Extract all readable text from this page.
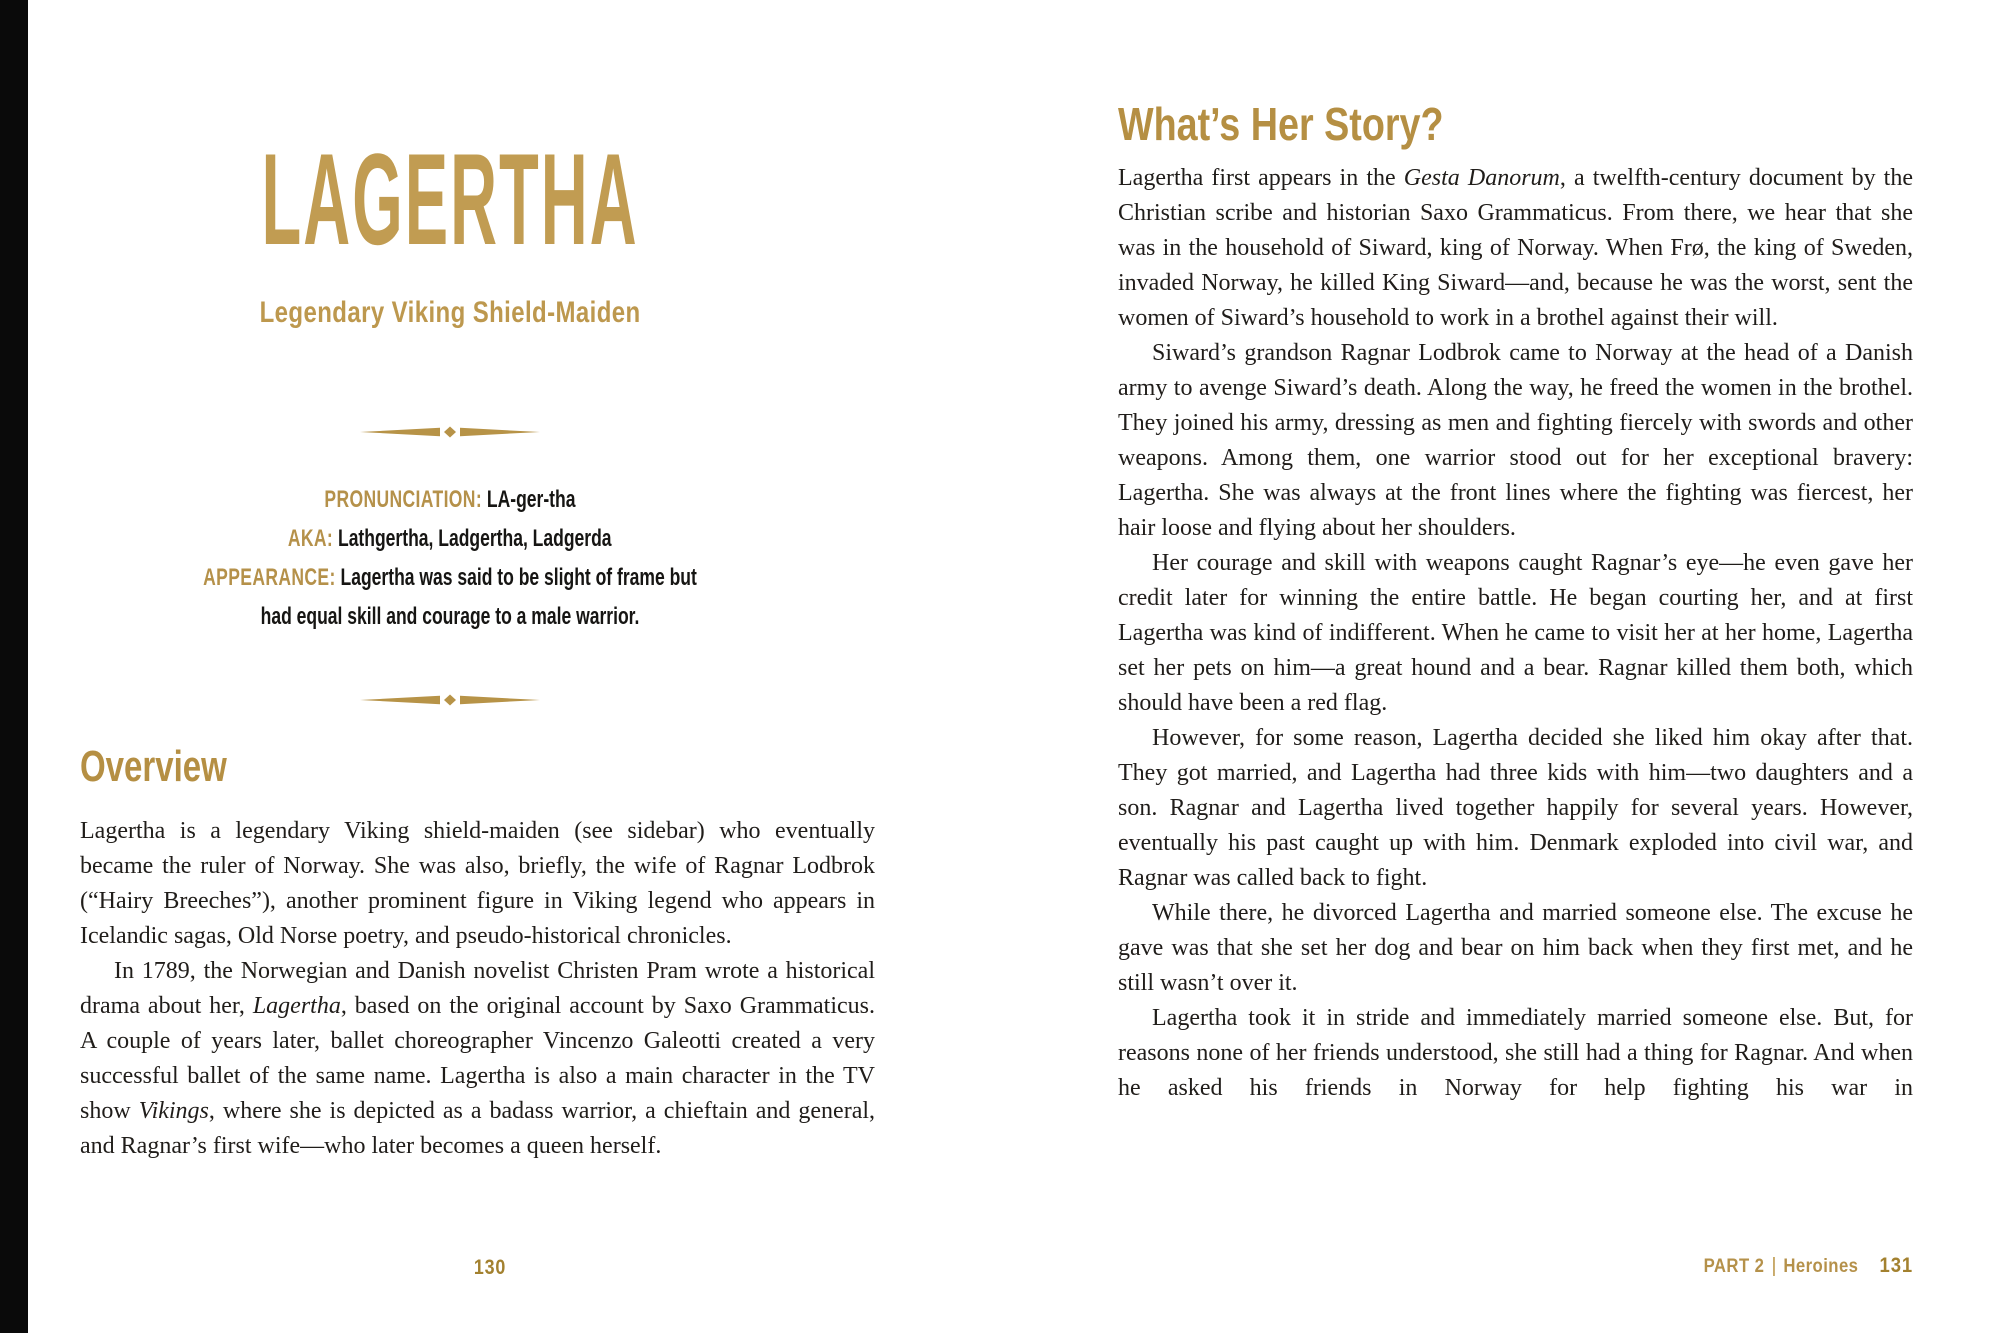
LAGERTHA
Legendary Viking Shield-Maiden
PRONUNCIATION: LA-ger-tha
AKA: Lathgertha, Ladgertha, Ladgerda
APPEARANCE: Lagertha was said to be slight of frame but had equal skill and courage to a male warrior.
Overview

Lagertha is a legendary Viking shield-maiden (see sidebar) who eventually became the ruler of Norway. She was also, briefly, the wife of Ragnar Lodbrok (“Hairy Breeches”), another prominent figure in Viking legend who appears in Icelandic sagas, Old Norse poetry, and pseudo-historical chronicles.

In 1789, the Norwegian and Danish novelist Christen Pram wrote a historical drama about her, Lagertha, based on the original account by Saxo Grammaticus. A couple of years later, ballet choreographer Vincenzo Galeotti created a very successful ballet of the same name. Lagertha is also a main character in the TV show Vikings, where she is depicted as a badass warrior, a chieftain and general, and Ragnar’s first wife—who later becomes a queen herself.

130
What’s Her Story?

Lagertha first appears in the Gesta Danorum, a twelfth-century document by the Christian scribe and historian Saxo Grammaticus. From there, we hear that she was in the household of Siward, king of Norway. When Frø, the king of Sweden, invaded Norway, he killed King Siward—and, because he was the worst, sent the women of Siward’s household to work in a brothel against their will.

Siward’s grandson Ragnar Lodbrok came to Norway at the head of a Danish army to avenge Siward’s death. Along the way, he freed the women in the brothel. They joined his army, dressing as men and fighting fiercely with swords and other weapons. Among them, one warrior stood out for her exceptional bravery: Lagertha. She was always at the front lines where the fighting was fiercest, her hair loose and flying about her shoulders.

Her courage and skill with weapons caught Ragnar’s eye—he even gave her credit later for winning the entire battle. He began courting her, and at first Lagertha was kind of indifferent. When he came to visit her at her home, Lagertha set her pets on him—a great hound and a bear. Ragnar killed them both, which should have been a red flag.

However, for some reason, Lagertha decided she liked him okay after that. They got married, and Lagertha had three kids with him—two daughters and a son. Ragnar and Lagertha lived together happily for several years. However, eventually his past caught up with him. Denmark exploded into civil war, and Ragnar was called back to fight.

While there, he divorced Lagertha and married someone else. The excuse he gave was that she set her dog and bear on him back when they first met, and he still wasn’t over it.

Lagertha took it in stride and immediately married someone else. But, for reasons none of her friends understood, she still had a thing for Ragnar. And when he asked his friends in Norway for help fighting his war in

PART 2 Heroines 131
